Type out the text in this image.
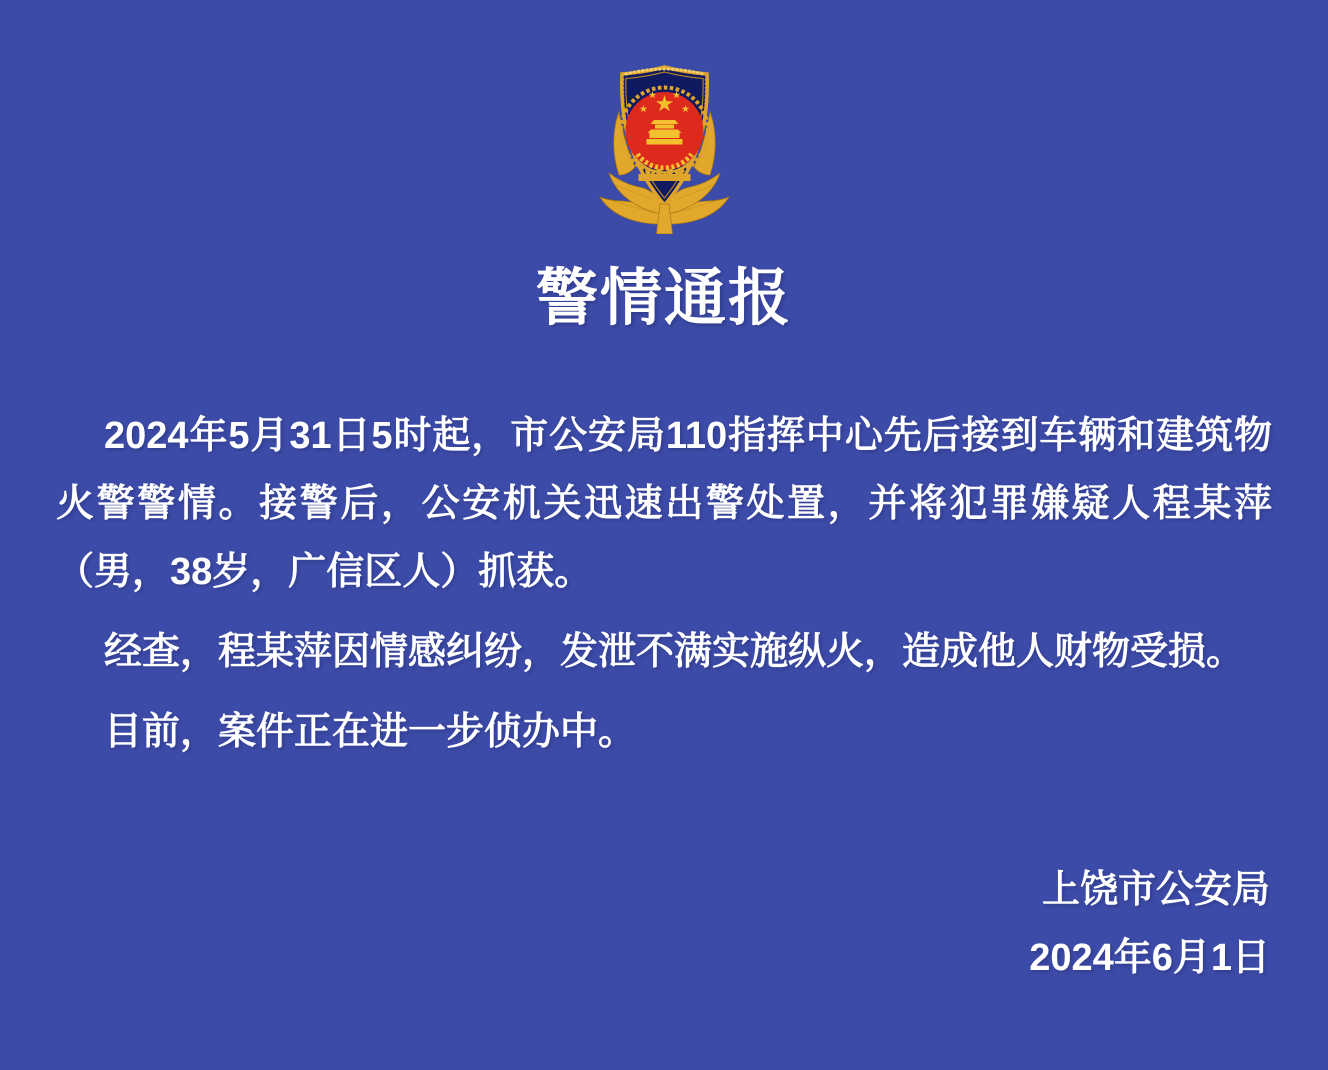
警情通报

2024年5月31日5时起，市公安局110指挥中心先后接到车辆和建筑物火警警情。接警后，公安机关迅速出警处置，并将犯罪嫌疑人程某萍（男，38岁，广信区人）抓获。

经查，程某萍因情感纠纷，发泄不满实施纵火，造成他人财物受损。

目前，案件正在进一步侦办中。

上饶市公安局
2024年6月1日
